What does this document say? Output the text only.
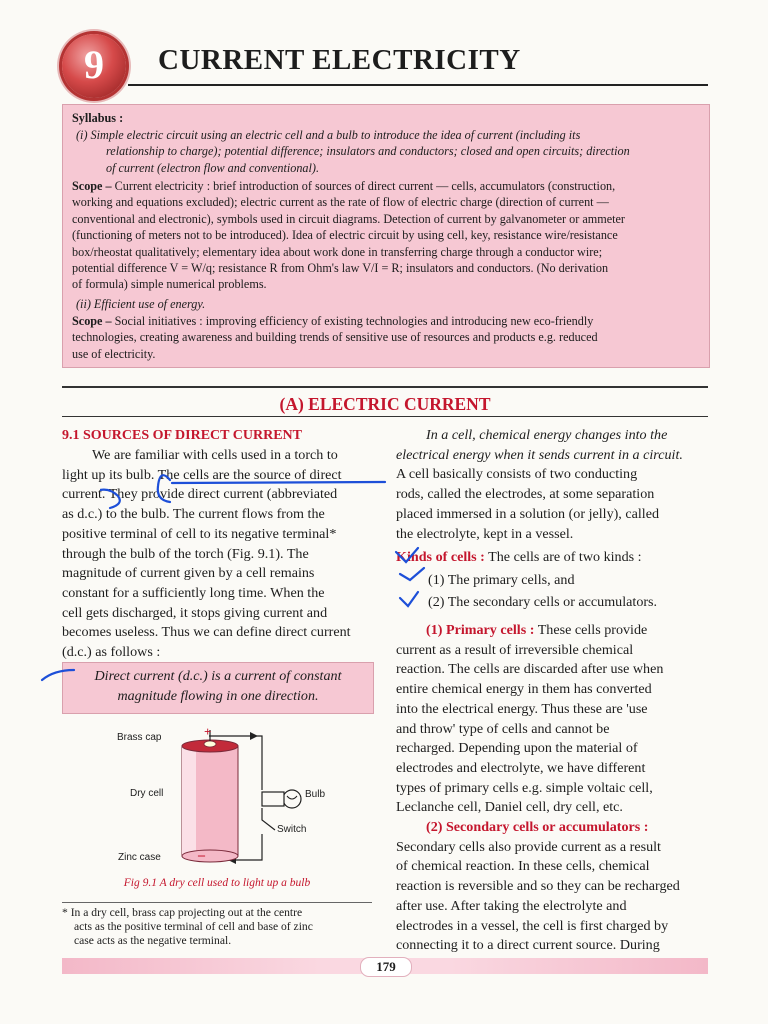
9	CURRENT ELECTRICITY
Syllabus :
(i) Simple electric circuit using an electric cell and a bulb to introduce the idea of current (including its
relationship to charge); potential difference; insulators and conductors; closed and open circuits; direction
of current (electron flow and conventional).
Scope – Current electricity : brief introduction of sources of direct current — cells, accumulators (construction,
working and equations excluded); electric current as the rate of flow of electric charge (direction of current —
conventional and electronic), symbols used in circuit diagrams. Detection of current by galvanometer or ammeter
(functioning of meters not to be introduced). Idea of electric circuit by using cell, key, resistance wire/resistance
box/rheostat qualitatively; elementary idea about work done in transferring charge through a conductor wire;
potential difference V = W/q; resistance R from Ohm's law V/I = R; insulators and conductors. (No derivation
of formula) simple numerical problems.
(ii) Efficient use of energy.
Scope – Social initiatives : improving efficiency of existing technologies and introducing new eco-friendly
technologies, creating awareness and building trends of sensitive use of resources and products e.g. reduced
use of electricity.
(A) ELECTRIC CURRENT
9.1 SOURCES OF DIRECT CURRENT
We are familiar with cells used in a torch to
light up its bulb. The cells are the source of direct
current. They provide direct current (abbreviated
as d.c.) to the bulb. The current flows from the
positive terminal of cell to its negative terminal*
through the bulb of the torch (Fig. 9.1). The
magnitude of current given by a cell remains
constant for a sufficiently long time. When the
cell gets discharged, it stops giving current and
becomes useless. Thus we can define direct current
(d.c.) as follows :
Direct current (d.c.) is a current of constant
magnitude flowing in one direction.
+
–
Brass cap
Dry cell	Bulb
Switch
Zinc case
Fig 9.1 A dry cell used to light up a bulb
* In a dry cell, brass cap projecting out at the centre
acts as the positive terminal of cell and base of zinc
case acts as the negative terminal.
In a cell, chemical energy changes into the
electrical energy when it sends current in a circuit.
A cell basically consists of two conducting
rods, called the electrodes, at some separation
placed immersed in a solution (or jelly), called
the electrolyte, kept in a vessel.
Kinds of cells : The cells are of two kinds :
(1) The primary cells, and
(2) The secondary cells or accumulators.
(1) Primary cells : These cells provide
current as a result of irreversible chemical
reaction. The cells are discarded after use when
entire chemical energy in them has converted
into the electrical energy. Thus these are 'use
and throw' type of cells and cannot be
recharged. Depending upon the material of
electrodes and electrolyte, we have different
types of primary cells e.g. simple voltaic cell,
Leclanche cell, Daniel cell, dry cell, etc.
(2) Secondary cells or accumulators :
Secondary cells also provide current as a result
of chemical reaction. In these cells, chemical
reaction is reversible and so they can be recharged
after use. After taking the electrolyte and
electrodes in a vessel, the cell is first charged by
connecting it to a direct current source. During
179
